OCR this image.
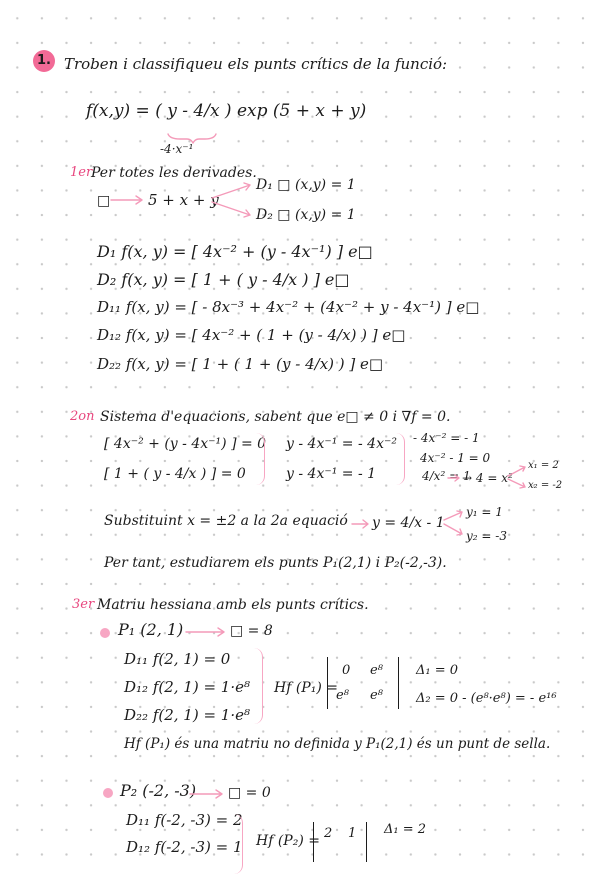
1. Troben i classifiqueu els punts crítics de la funció:
f(x,y) = ( y - 4/x ) exp (5 + x + y)
-4·x⁻¹
1er
Per totes les derivades.
□	5 + x + y
D₁ □ (x,y) = 1
D₂ □ (x,y) = 1
D₁ f(x, y) = [ 4x⁻² + (y - 4x⁻¹) ] e□
D₂ f(x, y) = [ 1 + ( y - 4/x ) ] e□
D₁₁ f(x, y) = [ - 8x⁻³ + 4x⁻² + (4x⁻² + y - 4x⁻¹) ] e□
D₁₂ f(x, y) = [ 4x⁻² + ( 1 + (y - 4/x) ) ] e□
D₂₂ f(x, y) = [ 1 + ( 1 + (y - 4/x) ) ] e□
2on Sistema d'equacions, sabent que e□ ≠ 0 i ∇f = 0.
[ 4x⁻² + (y - 4x⁻¹) ] = 0
[ 1 + ( y - 4/x ) ] = 0
y - 4x⁻¹ = - 4x⁻²
y - 4x⁻¹ = - 1
- 4x⁻² = - 1
4x⁻² - 1 = 0
4/x² = 1
→ 4 = x²
x₁ = 2
x₂ = -2
Substituint x = ±2 a la 2a equació y = 4/x - 1
y₁ = 1
y₂ = -3
Per tant, estudiarem els punts P₁(2,1) i P₂(-2,-3).
3er Matriu hessiana amb els punts crítics.
P₁ (2, 1)	□ = 8
D₁₁ f(2, 1) = 0
D₁₂ f(2, 1) = 1·e⁸
D₂₂ f(2, 1) = 1·e⁸
Hf (P₁) =
0 e⁸
e⁸ e⁸
Δ₁ = 0
Δ₂ = 0 - (e⁸·e⁸) = - e¹⁶
Hf (P₁) és una matriu no definida y P₁(2,1) és un punt de sella.
P₂ (-2, -3) □ = 0
D₁₁ f(-2, -3) = 2
D₁₂ f(-2, -3) = 1 Hf (P₂) = 2 1 Δ₁ = 2
